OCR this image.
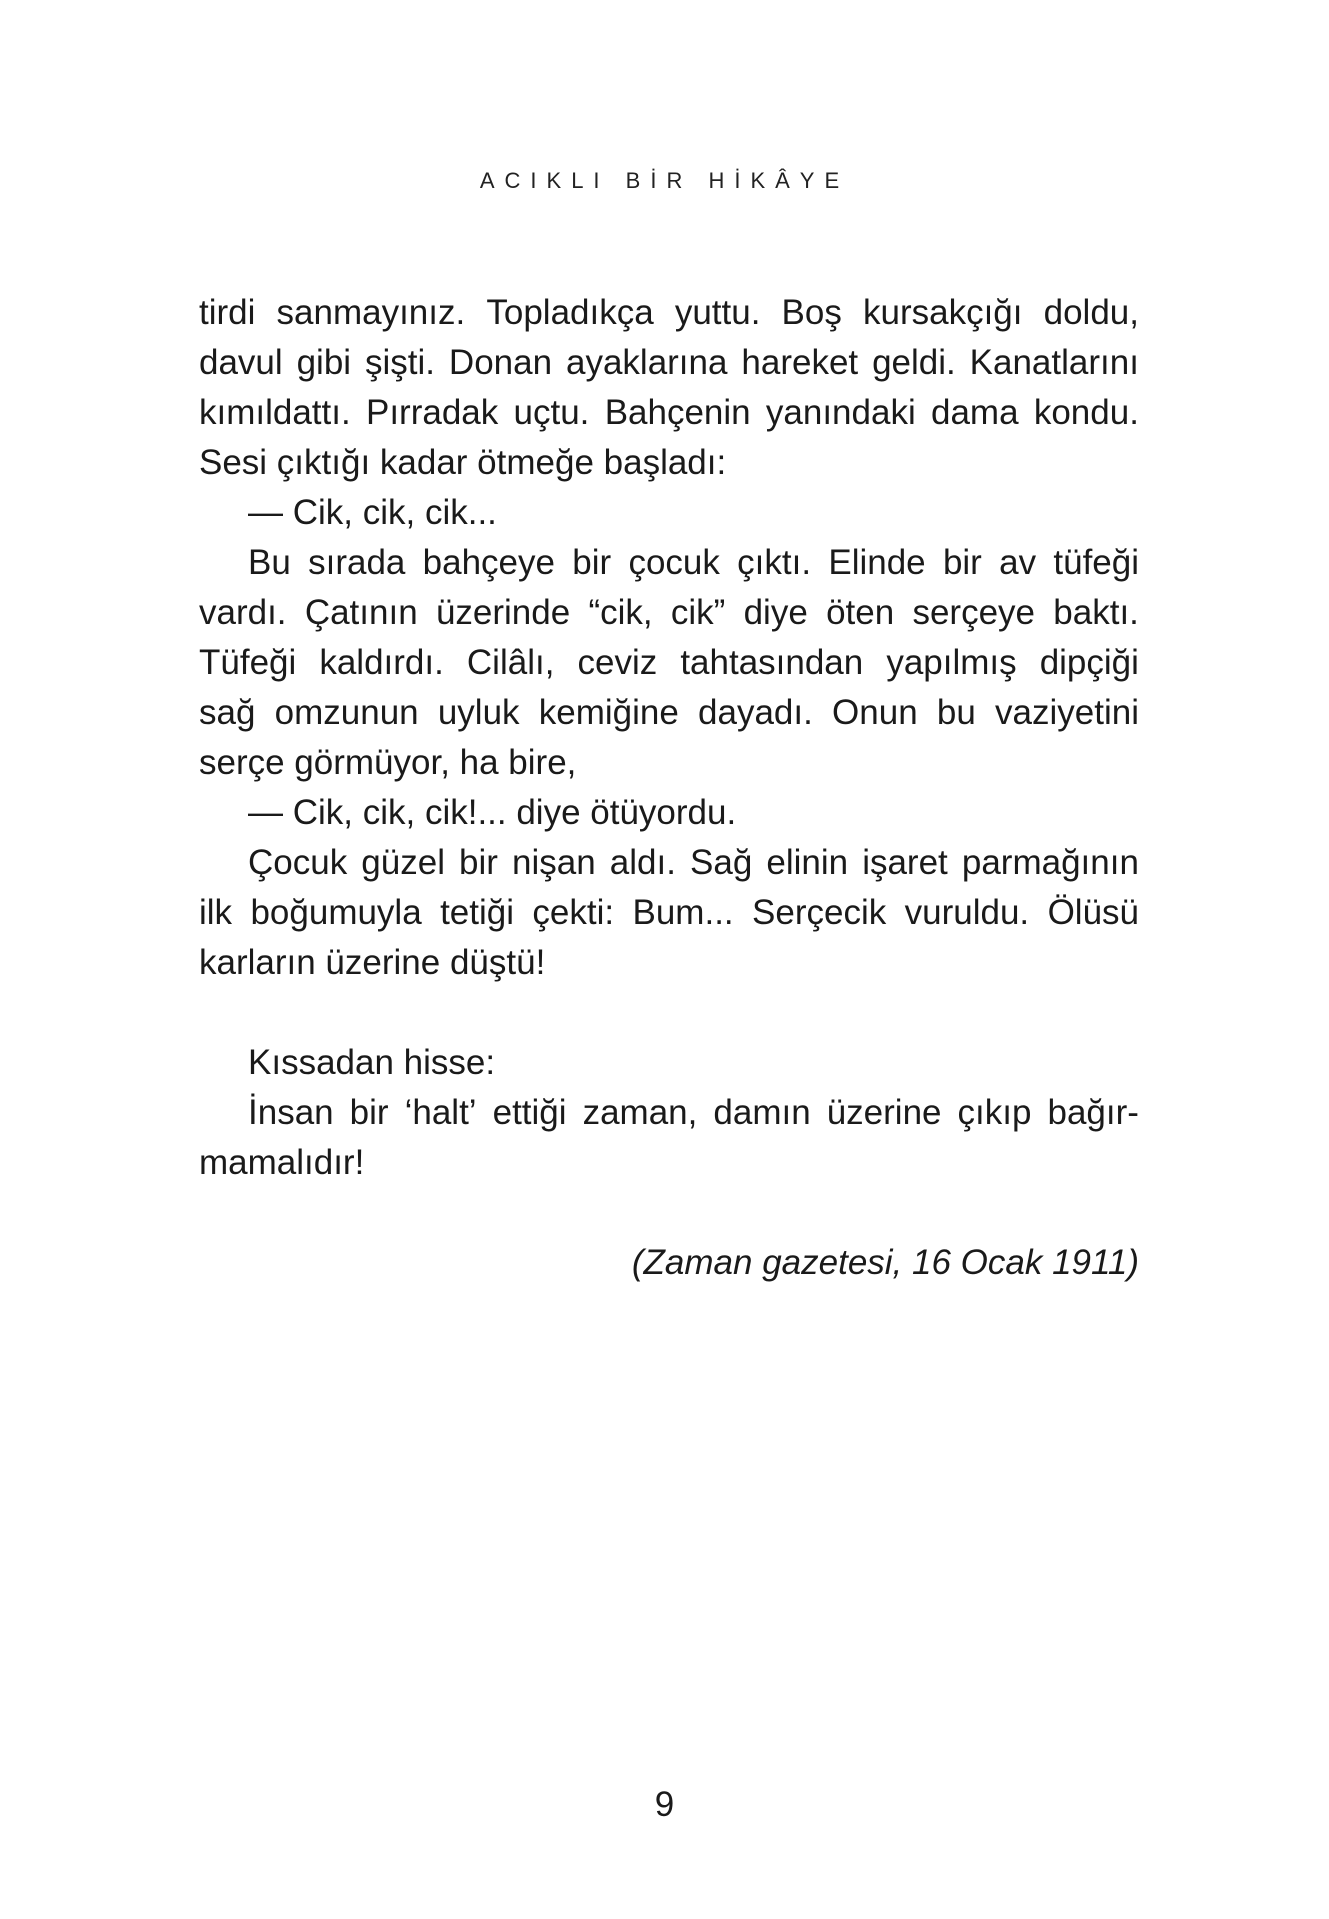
ACIKLI BİR HİKÂYE
tirdi sanmayınız. Topladıkça yuttu. Boş kursakçığı doldu,
davul gibi şişti. Donan ayaklarına hareket geldi. Kanatlarını
kımıldattı. Pırradak uçtu. Bahçenin yanındaki dama kondu.
Sesi çıktığı kadar ötmeğe başladı:
— Cik, cik, cik...
Bu sırada bahçeye bir çocuk çıktı. Elinde bir av tüfeği
vardı. Çatının üzerinde “cik, cik” diye öten serçeye baktı.
Tüfeği kaldırdı. Cilâlı, ceviz tahtasından yapılmış dipçiği
sağ omzunun uyluk kemiğine dayadı. Onun bu vaziyetini
serçe görmüyor, ha bire,
— Cik, cik, cik!... diye ötüyordu.
Çocuk güzel bir nişan aldı. Sağ elinin işaret parmağının
ilk boğumuyla tetiği çekti: Bum... Serçecik vuruldu. Ölüsü
karların üzerine düştü!
Kıssadan hisse:
İnsan bir ‘halt’ ettiği zaman, damın üzerine çıkıp bağır-
mamalıdır!
(Zaman gazetesi, 16 Ocak 1911)
9
